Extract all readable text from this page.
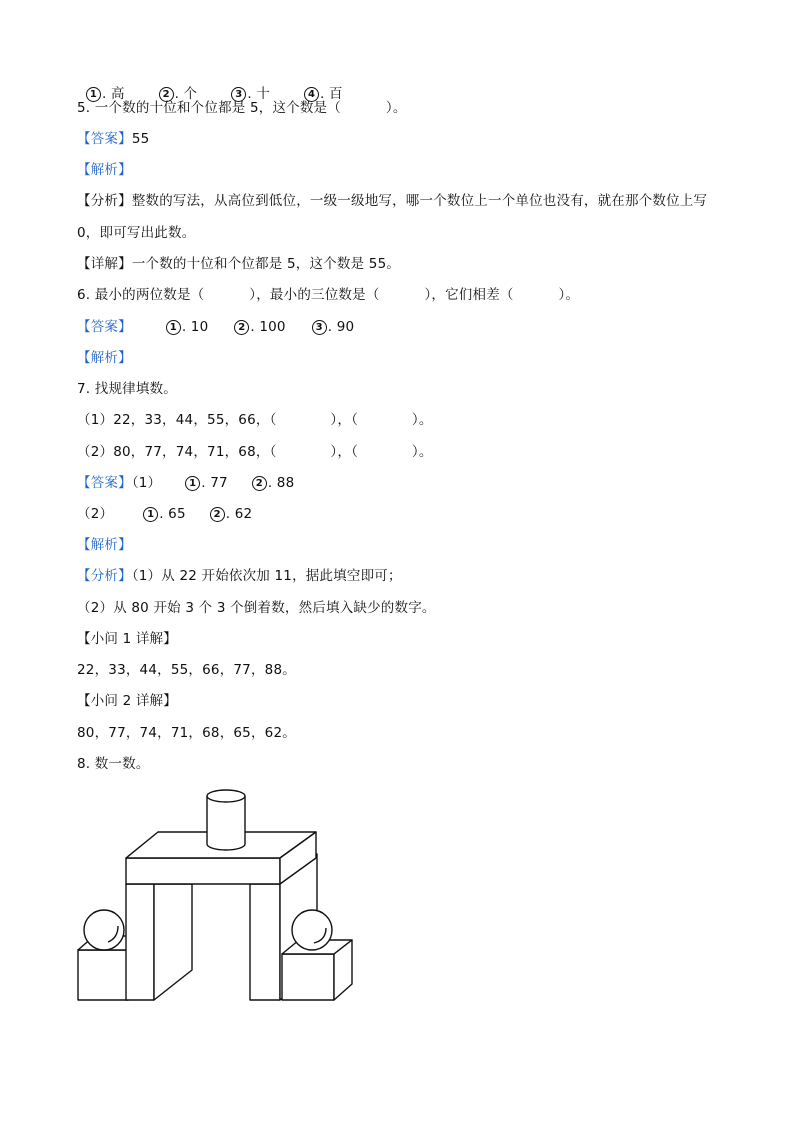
1 . 高	2 . 个	3 . 十	4 . 百

5. 一个数的十位和个位都是 5，这个数是（          ）。
【答案】55
【解析】
【分析】整数的写法，从高位到低位，一级一级地写，哪一个数位上一个单位也没有，就在那个数位上写
0，即可写出此数。
【详解】一个数的十位和个位都是 5，这个数是 55。
6. 最小的两位数是（          ），最小的三位数是（          ），它们相差（          ）。
【答案】	1 . 10	2 . 100	3 . 90
【解析】
7. 找规律填数。
（1）22，33，44，55，66，（            ），（            ）。
（2）80，77，74，71，68，（            ），（            ）。
【答案】（1）	1 . 77	2 . 88
（2）	1 . 65	2 . 62
【解析】
【分析】（1）从 22 开始依次加 11，据此填空即可；
（2）从 80 开始 3 个 3 个倒着数，然后填入缺少的数字。
【小问 1 详解】
22，33，44，55，66，77，88。
【小问 2 详解】
80，77，74，71，68，65，62。
8. 数一数。
